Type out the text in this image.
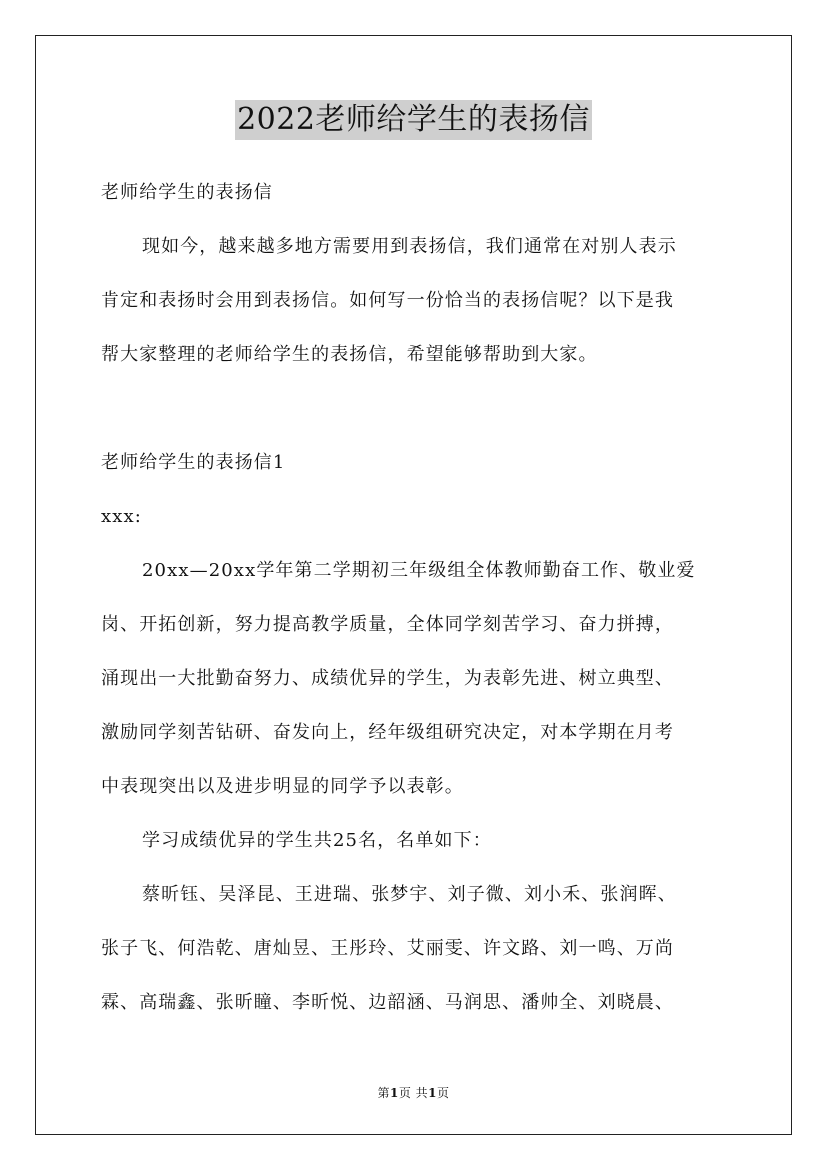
2022老师给学生的表扬信
老师给学生的表扬信
现如今，越来越多地方需要用到表扬信，我们通常在对别人表示
肯定和表扬时会用到表扬信。如何写一份恰当的表扬信呢？以下是我
帮大家整理的老师给学生的表扬信，希望能够帮助到大家。
老师给学生的表扬信1
xxx:
20xx—20xx学年第二学期初三年级组全体教师勤奋工作、敬业爱
岗、开拓创新，努力提高教学质量，全体同学刻苦学习、奋力拼搏，
涌现出一大批勤奋努力、成绩优异的学生，为表彰先进、树立典型、
激励同学刻苦钻研、奋发向上，经年级组研究决定，对本学期在月考
中表现突出以及进步明显的同学予以表彰。
学习成绩优异的学生共25名，名单如下：
蔡昕钰、吴泽昆、王进瑞、张梦宇、刘子微、刘小禾、张润晖、
张子飞、何浩乾、唐灿昱、王彤玲、艾丽雯、许文路、刘一鸣、万尚
霖、高瑞鑫、张昕瞳、李昕悦、边韶涵、马润思、潘帅全、刘晓晨、
第1页 共1页
